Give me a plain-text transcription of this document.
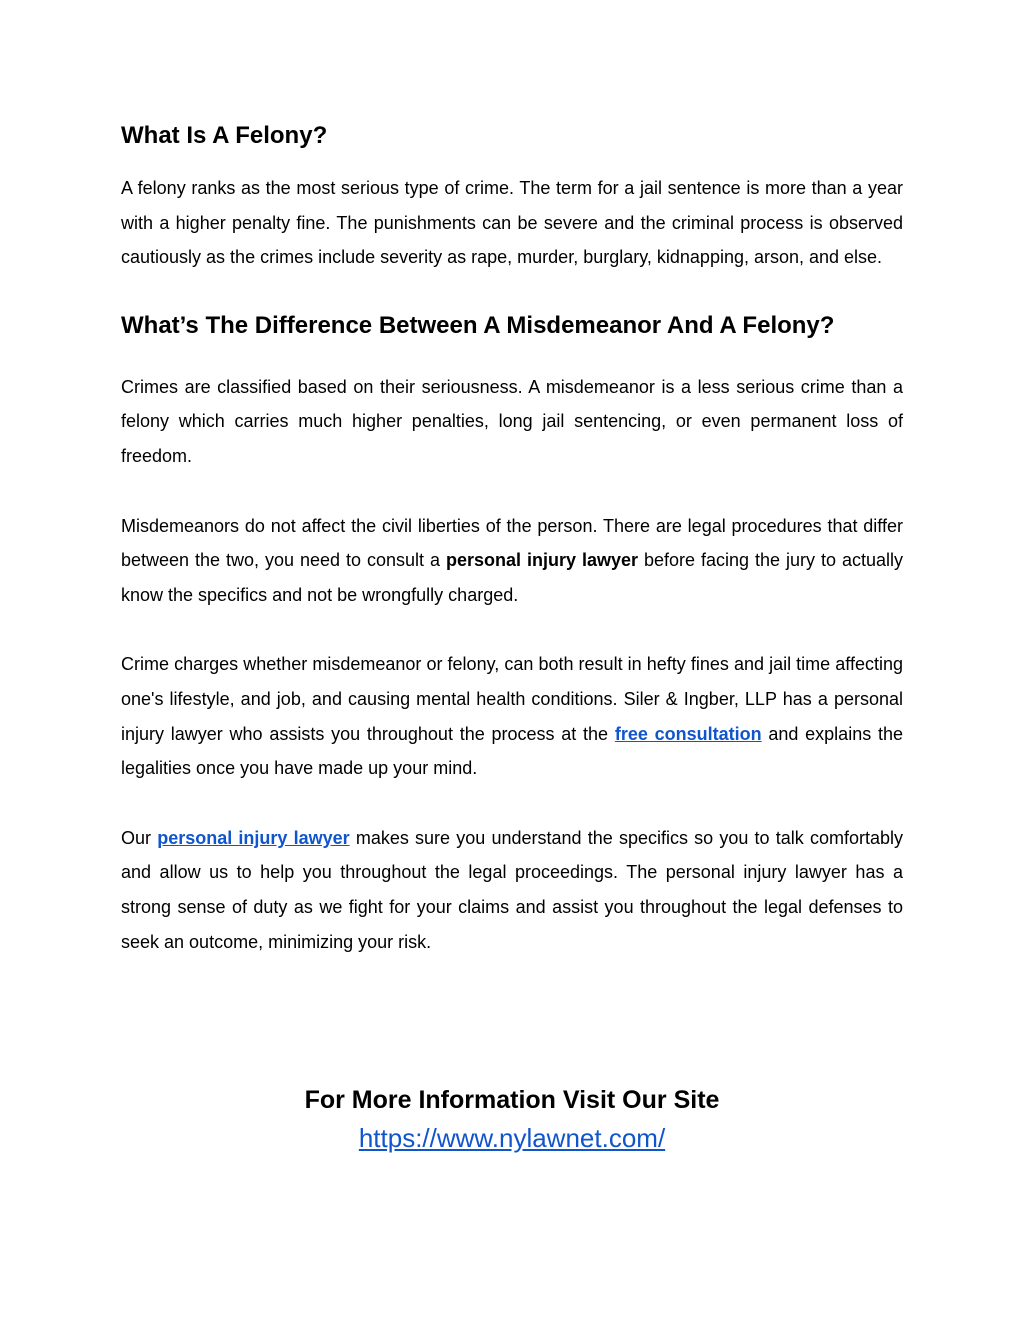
What Is A Felony?

A felony ranks as the most serious type of crime. The term for a jail sentence is more than a year with a higher penalty fine. The punishments can be severe and the criminal process is observed cautiously as the crimes include severity as rape, murder, burglary, kidnapping, arson, and else.

What’s The Difference Between A Misdemeanor And A Felony?

Crimes are classified based on their seriousness. A misdemeanor is a less serious crime than a felony which carries much higher penalties, long jail sentencing, or even permanent loss of freedom.

Misdemeanors do not affect the civil liberties of the person. There are legal procedures that differ between the two, you need to consult a personal injury lawyer before facing the jury to actually know the specifics and not be wrongfully charged.

Crime charges whether misdemeanor or felony, can both result in hefty fines and jail time affecting one's lifestyle, and job, and causing mental health conditions. Siler & Ingber, LLP has a personal injury lawyer who assists you throughout the process at the free consultation and explains the legalities once you have made up your mind.

Our personal injury lawyer makes sure you understand the specifics so you to talk comfortably and allow us to help you throughout the legal proceedings. The personal injury lawyer has a strong sense of duty as we fight for your claims and assist you throughout the legal defenses to seek an outcome, minimizing your risk.

For More Information Visit Our Site
https://www.nylawnet.com/
